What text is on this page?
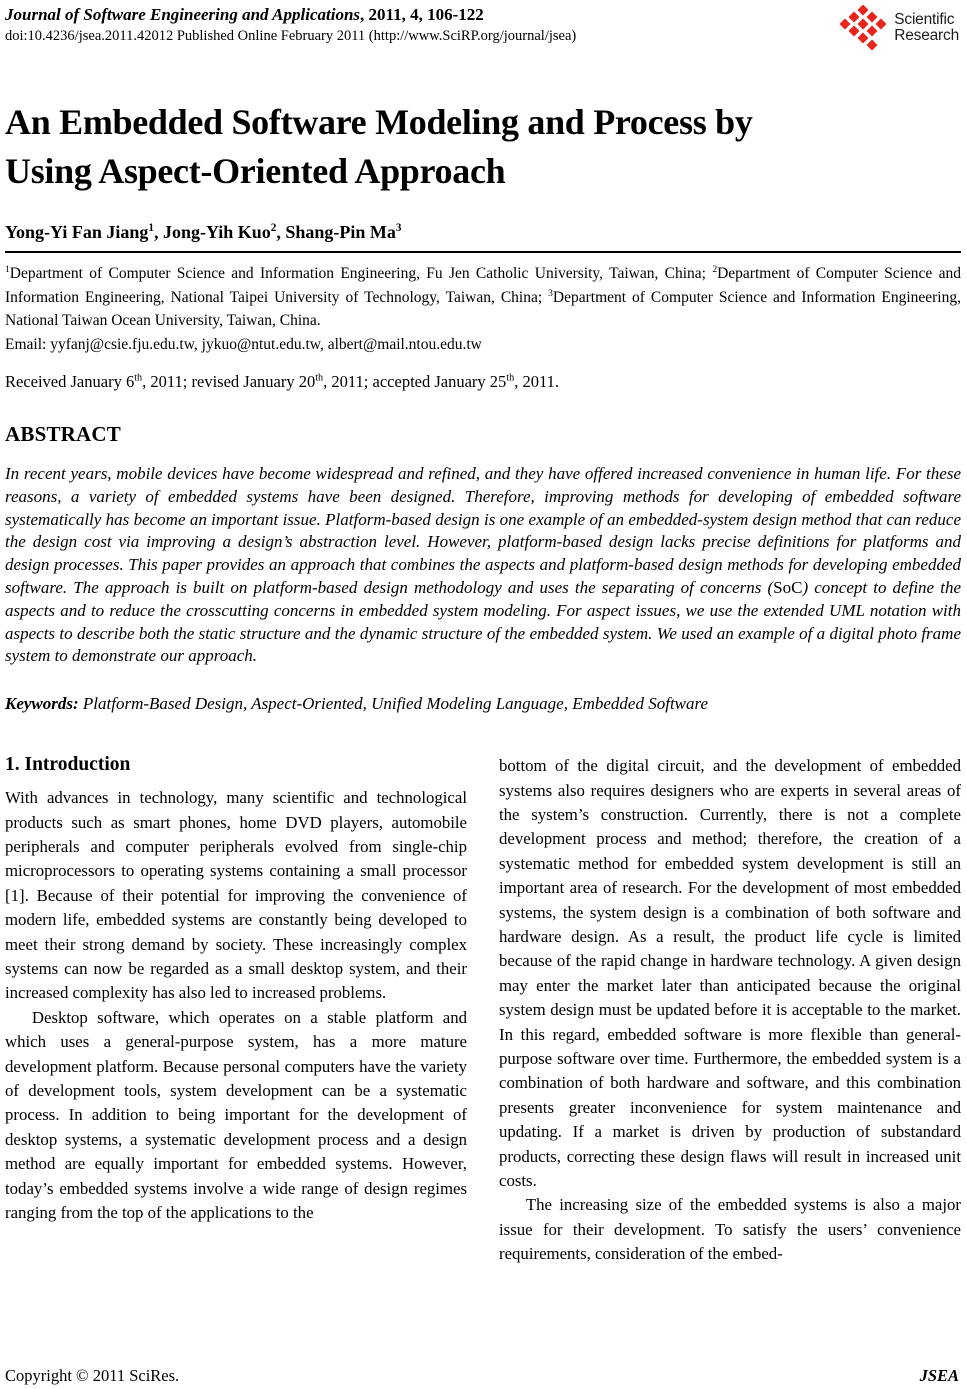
Journal of Software Engineering and Applications, 2011, 4, 106-122
doi:10.4236/jsea.2011.42012 Published Online February 2011 (http://www.SciRP.org/journal/jsea)
Scientific
Research
An Embedded Software Modeling and Process by
Using Aspect-Oriented Approach
Yong-Yi Fan Jiang$^1$, Jong-Yih Kuo$^2$, Shang-Pin Ma$^3$
$^1$Department of Computer Science and Information Engineering, Fu Jen Catholic University, Taiwan, China; $^2$Department of Computer Science and Information Engineering, National Taipei University of Technology, Taiwan, China; $^3$Department of Computer Science and Information Engineering, National Taiwan Ocean University, Taiwan, China.
Email: yyfanj@csie.fju.edu.tw, jykuo@ntut.edu.tw, albert@mail.ntou.edu.tw
Received January 6th, 2011; revised January 20th, 2011; accepted January 25th, 2011.
ABSTRACT
In recent years, mobile devices have become widespread and refined, and they have offered increased convenience in human life. For these reasons, a variety of embedded systems have been designed. Therefore, improving methods for developing of embedded software systematically has become an important issue. Platform-based design is one example of an embedded-system design method that can reduce the design cost via improving a design’s abstraction level. However, platform-based design lacks precise definitions for platforms and design processes. This paper provides an approach that combines the aspects and platform-based design methods for developing embedded software. The approach is built on platform-based design methodology and uses the separating of concerns (SoC) concept to define the aspects and to reduce the crosscutting concerns in embedded system modeling. For aspect issues, we use the extended UML notation with aspects to describe both the static structure and the dynamic structure of the embedded system. We used an example of a digital photo frame system to demonstrate our approach.
Keywords: Platform-Based Design, Aspect-Oriented, Unified Modeling Language, Embedded Software
1. Introduction

With advances in technology, many scientific and technological products such as smart phones, home DVD players, automobile peripherals and computer peripherals evolved from single-chip microprocessors to operating systems containing a small processor [1]. Because of their potential for improving the convenience of modern life, embedded systems are constantly being developed to meet their strong demand by society. These increasingly complex systems can now be regarded as a small desktop system, and their increased complexity has also led to increased problems.

Desktop software, which operates on a stable platform and which uses a general-purpose system, has a more mature development platform. Because personal computers have the variety of development tools, system development can be a systematic process. In addition to being important for the development of desktop systems, a systematic development process and a design method are equally important for embedded systems. However, today’s embedded systems involve a wide range of design regimes ranging from the top of the applications to the

bottom of the digital circuit, and the development of embedded systems also requires designers who are experts in several areas of the system’s construction. Currently, there is not a complete development process and method; therefore, the creation of a systematic method for embedded system development is still an important area of research. For the development of most embedded systems, the system design is a combination of both software and hardware design. As a result, the product life cycle is limited because of the rapid change in hardware technology. A given design may enter the market later than anticipated because the original system design must be updated before it is acceptable to the market. In this regard, embedded software is more flexible than general-purpose software over time. Furthermore, the embedded system is a combination of both hardware and software, and this combination presents greater inconvenience for system maintenance and updating. If a market is driven by production of substandard products, correcting these design flaws will result in increased unit costs.

The increasing size of the embedded systems is also a major issue for their development. To satisfy the users’ convenience requirements, consideration of the embed-

Copyright © 2011 SciRes.	JSEA
